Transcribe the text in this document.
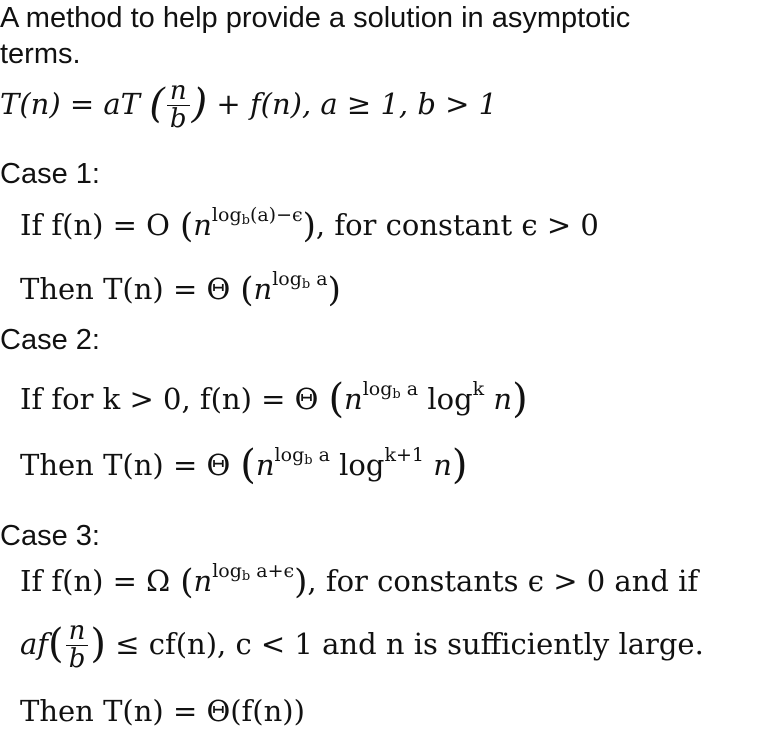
A method to help provide a solution in asymptotic
terms.
T(n) = aT ( $\frac{n}{b}$ ) + f(n), a ≥ 1, b > 1
Case 1:
If f(n) = O $(n^{log_b(a)-\epsilon})$, for constant ϵ > 0
Then T(n) = Θ $(n^{log_b a})$
Case 2:
If for k > 0, f(n) = Θ ($n^{log_b a}$ $\log^k n$)
Then T(n) = Θ ($n^{log_b a}$ $\log^{k+1} n$)
Case 3:
If f(n) = Ω $(n^{log_b a+\epsilon})$, for constants ϵ > 0 and if
$af( \frac{n}{b}$ ) ≤ cf(n), c < 1 and n is sufficiently large.
Then T(n) = Θ(f(n))
